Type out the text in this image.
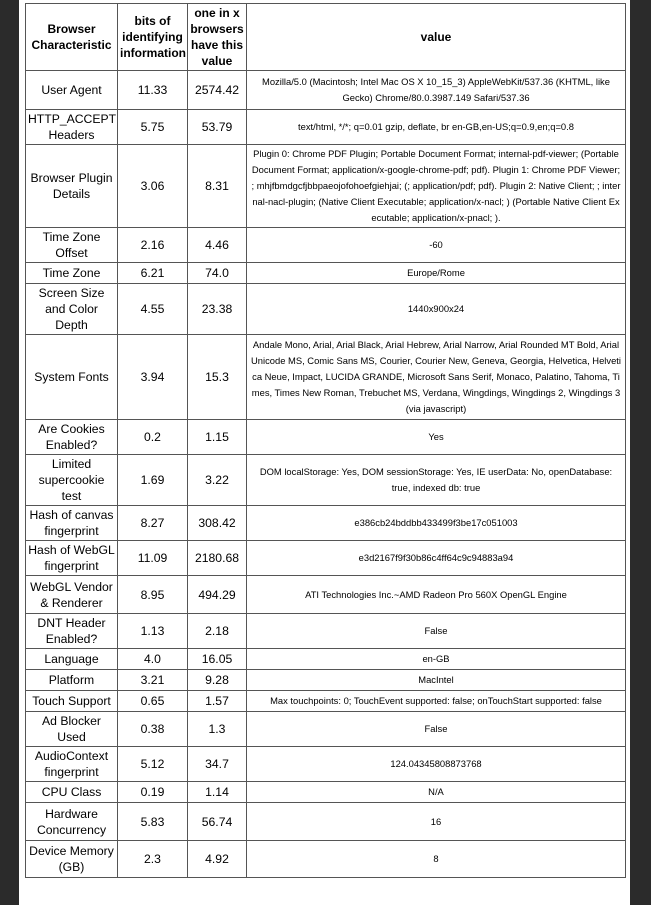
Browser Characteristic	bits of identifying information	one in x browsers have this value	value
User Agent	11.33	2574.42	Mozilla/5.0 (Macintosh; Intel Mac OS X 10_15_3) AppleWebKit/537.36 (KHTML, like Gecko) Chrome/80.0.3987.149 Safari/537.36
HTTP_ACCEPT Headers	5.75	53.79	text/html, */*; q=0.01 gzip, deflate, br en-GB,en-US;q=0.9,en;q=0.8
Browser Plugin Details	3.06	8.31	Plugin 0: Chrome PDF Plugin; Portable Document Format; internal-pdf-viewer; (Portable Document Format; application/x-google-chrome-pdf; pdf). Plugin 1: Chrome PDF Viewer; ; mhjfbmdgcfjbbpaeojofohoefgiehjai; (; application/pdf; pdf). Plugin 2: Native Client; ; internal-nacl-plugin; (Native Client Executable; application/x-nacl; ) (Portable Native Client Executable; application/x-pnacl; ).
Time Zone Offset	2.16	4.46	-60
Time Zone	6.21	74.0	Europe/Rome
Screen Size and Color Depth	4.55	23.38	1440x900x24
System Fonts	3.94	15.3	Andale Mono, Arial, Arial Black, Arial Hebrew, Arial Narrow, Arial Rounded MT Bold, Arial Unicode MS, Comic Sans MS, Courier, Courier New, Geneva, Georgia, Helvetica, Helvetica Neue, Impact, LUCIDA GRANDE, Microsoft Sans Serif, Monaco, Palatino, Tahoma, Times, Times New Roman, Trebuchet MS, Verdana, Wingdings, Wingdings 2, Wingdings 3 (via javascript)
Are Cookies Enabled?	0.2	1.15	Yes
Limited supercookie test	1.69	3.22	DOM localStorage: Yes, DOM sessionStorage: Yes, IE userData: No, openDatabase: true, indexed db: true
Hash of canvas fingerprint	8.27	308.42	e386cb24bddbb433499f3be17c051003
Hash of WebGL fingerprint	11.09	2180.68	e3d2167f9f30b86c4ff64c9c94883a94
WebGL Vendor & Renderer	8.95	494.29	ATI Technologies Inc.~AMD Radeon Pro 560X OpenGL Engine
DNT Header Enabled?	1.13	2.18	False
Language	4.0	16.05	en-GB
Platform	3.21	9.28	MacIntel
Touch Support	0.65	1.57	Max touchpoints: 0; TouchEvent supported: false; onTouchStart supported: false
Ad Blocker Used	0.38	1.3	False
AudioContext fingerprint	5.12	34.7	124.04345808873768
CPU Class	0.19	1.14	N/A
Hardware Concurrency	5.83	56.74	16
Device Memory (GB)	2.3	4.92	8
